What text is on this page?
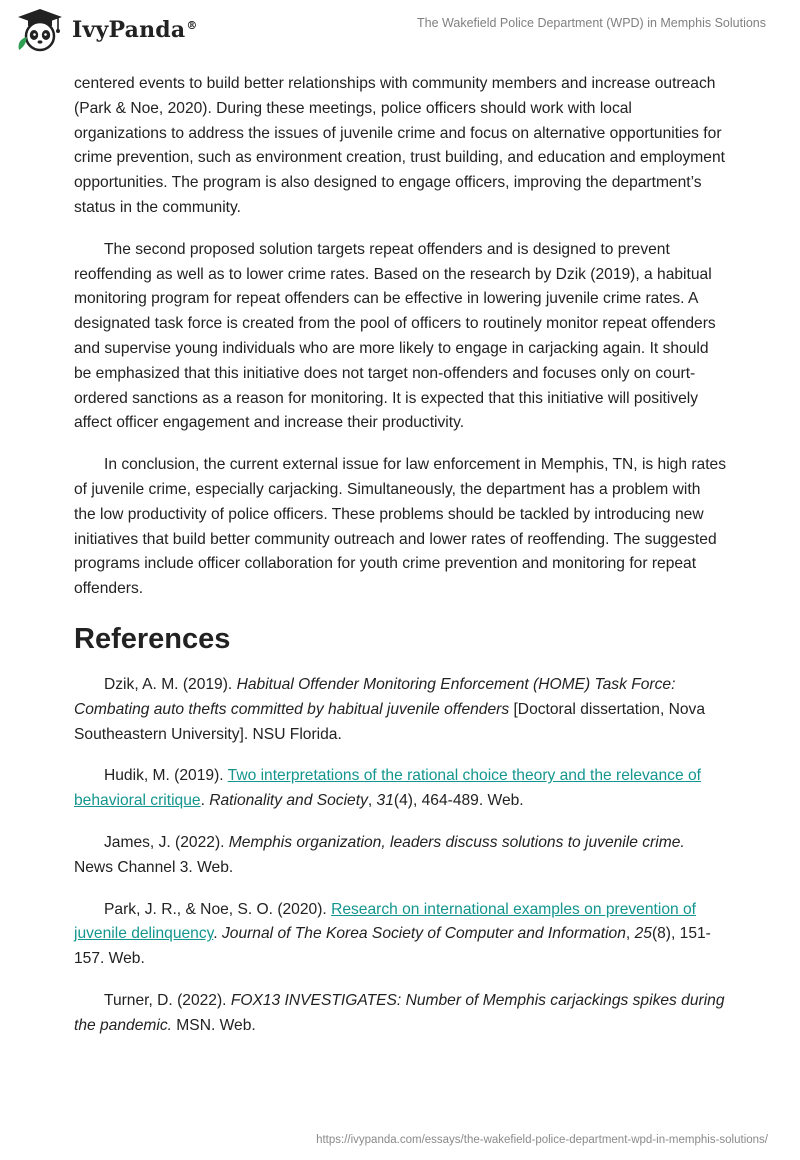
IvyPanda®	The Wakefield Police Department (WPD) in Memphis Solutions

centered events to build better relationships with community members and increase outreach (Park & Noe, 2020). During these meetings, police officers should work with local organizations to address the issues of juvenile crime and focus on alternative opportunities for crime prevention, such as environment creation, trust building, and education and employment opportunities. The program is also designed to engage officers, improving the department’s status in the community.

The second proposed solution targets repeat offenders and is designed to prevent reoffending as well as to lower crime rates. Based on the research by Dzik (2019), a habitual monitoring program for repeat offenders can be effective in lowering juvenile crime rates. A designated task force is created from the pool of officers to routinely monitor repeat offenders and supervise young individuals who are more likely to engage in carjacking again. It should be emphasized that this initiative does not target non-offenders and focuses only on court-ordered sanctions as a reason for monitoring. It is expected that this initiative will positively affect officer engagement and increase their productivity.

In conclusion, the current external issue for law enforcement in Memphis, TN, is high rates of juvenile crime, especially carjacking. Simultaneously, the department has a problem with the low productivity of police officers. These problems should be tackled by introducing new initiatives that build better community outreach and lower rates of reoffending. The suggested programs include officer collaboration for youth crime prevention and monitoring for repeat offenders.

References

Dzik, A. M. (2019). Habitual Offender Monitoring Enforcement (HOME) Task Force: Combating auto thefts committed by habitual juvenile offenders [Doctoral dissertation, Nova Southeastern University]. NSU Florida.

Hudik, M. (2019). Two interpretations of the rational choice theory and the relevance of behavioral critique. Rationality and Society, 31(4), 464-489. Web.

James, J. (2022). Memphis organization, leaders discuss solutions to juvenile crime. News Channel 3. Web.

Park, J. R., & Noe, S. O. (2020). Research on international examples on prevention of juvenile delinquency. Journal of The Korea Society of Computer and Information, 25(8), 151-157. Web.

Turner, D. (2022). FOX13 INVESTIGATES: Number of Memphis carjackings spikes during the pandemic. MSN. Web.

https://ivypanda.com/essays/the-wakefield-police-department-wpd-in-memphis-solutions/
